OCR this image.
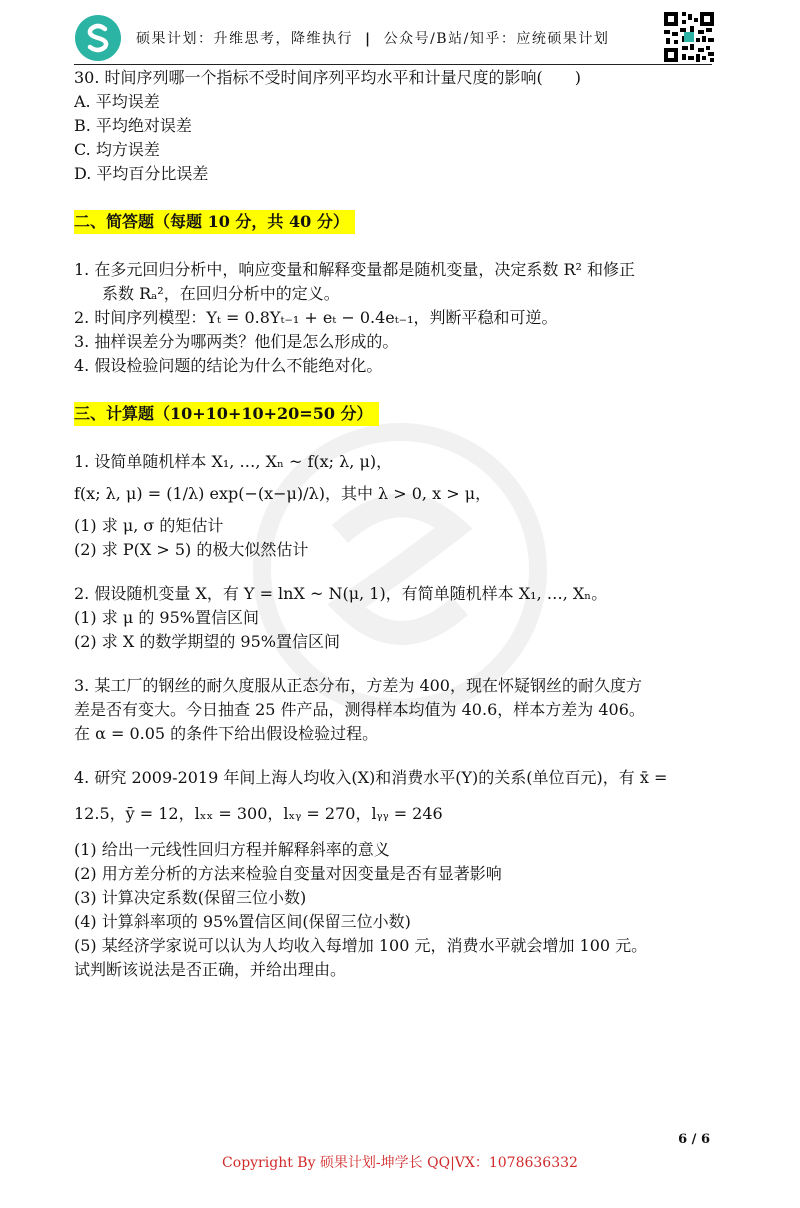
硕果计划：升维思考，降维执行 | 公众号/B站/知乎：应统硕果计划
30. 时间序列哪一个指标不受时间序列平均水平和计量尺度的影响(　　)
A. 平均误差
B. 平均绝对误差
C. 均方误差
D. 平均百分比误差
二、简答题（每题 10 分，共 40 分）
1. 在多元回归分析中，响应变量和解释变量都是随机变量，决定系数 R² 和修正
系数 Rₐ²，在回归分析中的定义。
2. 时间序列模型：Yₜ = 0.8Yₜ₋₁ + eₜ − 0.4eₜ₋₁，判断平稳和可逆。
3. 抽样误差分为哪两类？他们是怎么形成的。
4. 假设检验问题的结论为什么不能绝对化。
三、计算题（10+10+10+20=50 分）
1. 设简单随机样本 X₁, …, Xₙ ~ f(x; λ, μ)，
f(x; λ, μ) = (1/λ) exp(−(x−μ)/λ)，其中 λ > 0, x > μ，
(1) 求 μ, σ 的矩估计
(2) 求 P(X > 5) 的极大似然估计
2. 假设随机变量 X，有 Y = lnX ~ N(μ, 1)，有简单随机样本 X₁, …, Xₙ。
(1) 求 μ 的 95%置信区间
(2) 求 X 的数学期望的 95%置信区间
3. 某工厂的钢丝的耐久度服从正态分布，方差为 400，现在怀疑钢丝的耐久度方
差是否有变大。今日抽查 25 件产品，测得样本均值为 40.6，样本方差为 406。
在 α = 0.05 的条件下给出假设检验过程。
4. 研究 2009-2019 年间上海人均收入(X)和消费水平(Y)的关系(单位百元)，有 x̄ =
12.5，ȳ = 12，lₓₓ = 300，lₓᵧ = 270，lᵧᵧ = 246
(1) 给出一元线性回归方程并解释斜率的意义
(2) 用方差分析的方法来检验自变量对因变量是否有显著影响
(3) 计算决定系数(保留三位小数)
(4) 计算斜率项的 95%置信区间(保留三位小数)
(5) 某经济学家说可以认为人均收入每增加 100 元，消费水平就会增加 100 元。
试判断该说法是否正确，并给出理由。
6 / 6
Copyright By 硕果计划-坤学长 QQ|VX：1078636332
